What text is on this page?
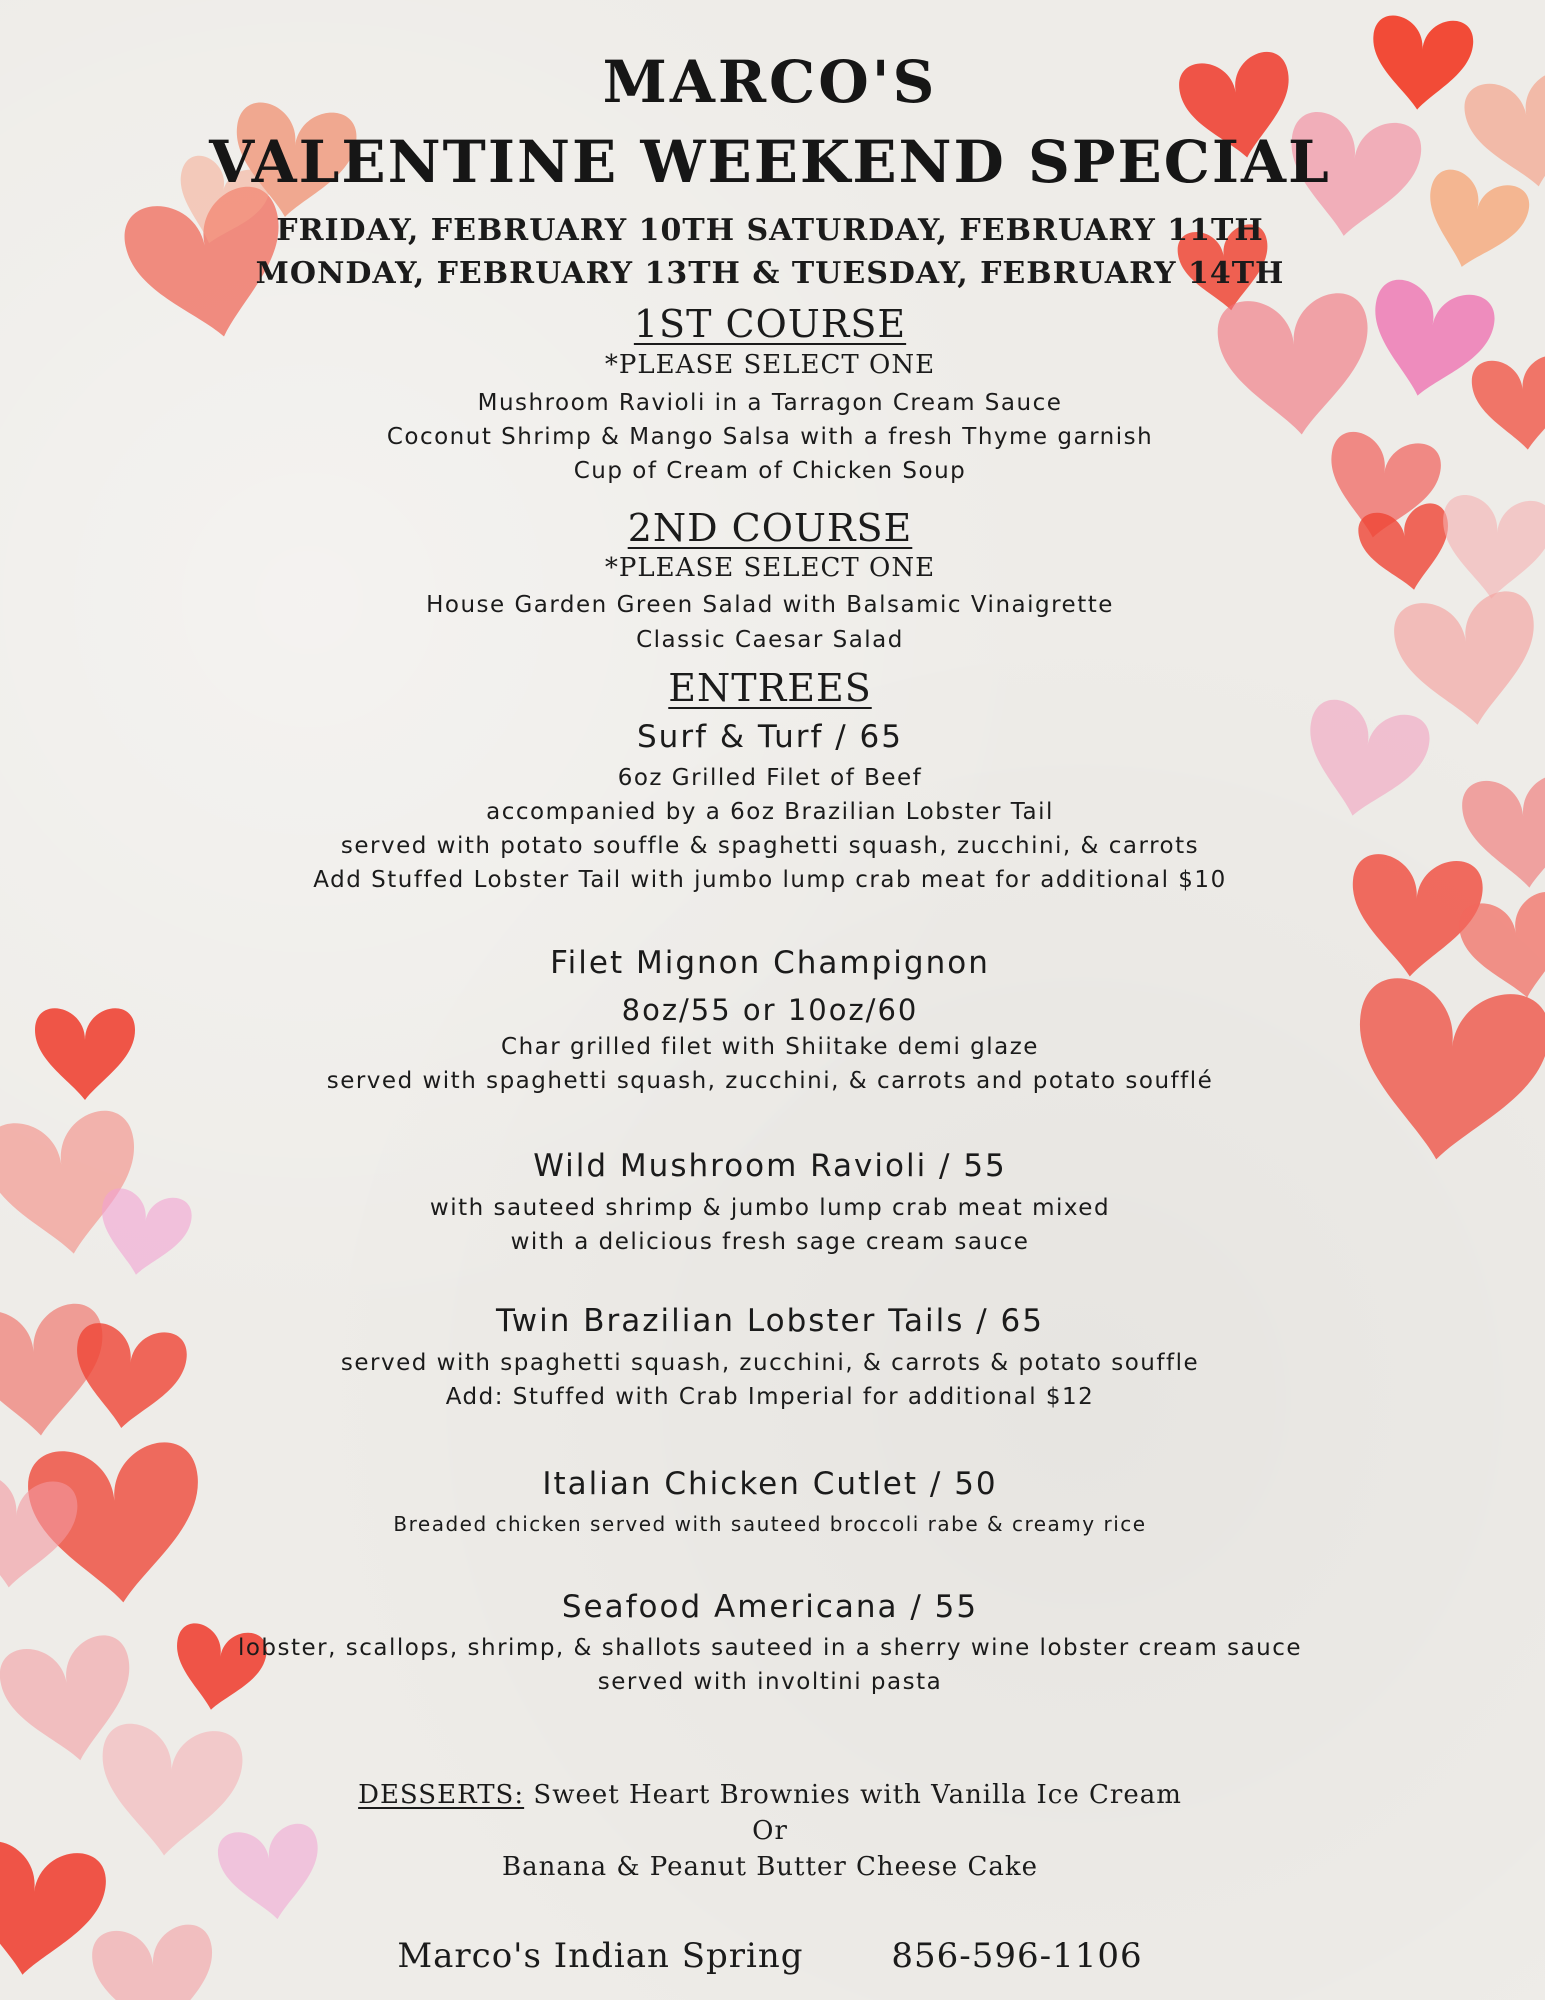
MARCO'S
VALENTINE WEEKEND SPECIAL
FRIDAY, FEBRUARY 10TH SATURDAY, FEBRUARY 11TH
MONDAY, FEBRUARY 13TH & TUESDAY, FEBRUARY 14TH
1ST COURSE
*PLEASE SELECT ONE
Mushroom Ravioli in a Tarragon Cream Sauce
Coconut Shrimp & Mango Salsa with a fresh Thyme garnish
Cup of Cream of Chicken Soup
2ND COURSE
*PLEASE SELECT ONE
House Garden Green Salad with Balsamic Vinaigrette
Classic Caesar Salad
ENTREES
Surf & Turf / 65
6oz Grilled Filet of Beef
accompanied by a 6oz Brazilian Lobster Tail
served with potato souffle & spaghetti squash, zucchini, & carrots
Add Stuffed Lobster Tail with jumbo lump crab meat for additional $10
Filet Mignon Champignon
8oz/55 or 10oz/60
Char grilled filet with Shiitake demi glaze
served with spaghetti squash, zucchini, & carrots and potato soufflé
Wild Mushroom Ravioli / 55
with sauteed shrimp & jumbo lump crab meat mixed
with a delicious fresh sage cream sauce
Twin Brazilian Lobster Tails / 65
served with spaghetti squash, zucchini, & carrots & potato souffle
Add: Stuffed with Crab Imperial for additional $12
Italian Chicken Cutlet / 50
Breaded chicken served with sauteed broccoli rabe & creamy rice
Seafood Americana / 55
lobster, scallops, shrimp, & shallots sauteed in a sherry wine lobster cream sauce
served with involtini pasta
DESSERTS: Sweet Heart Brownies with Vanilla Ice Cream
Or
Banana & Peanut Butter Cheese Cake
Marco's Indian Spring	856-596-1106
